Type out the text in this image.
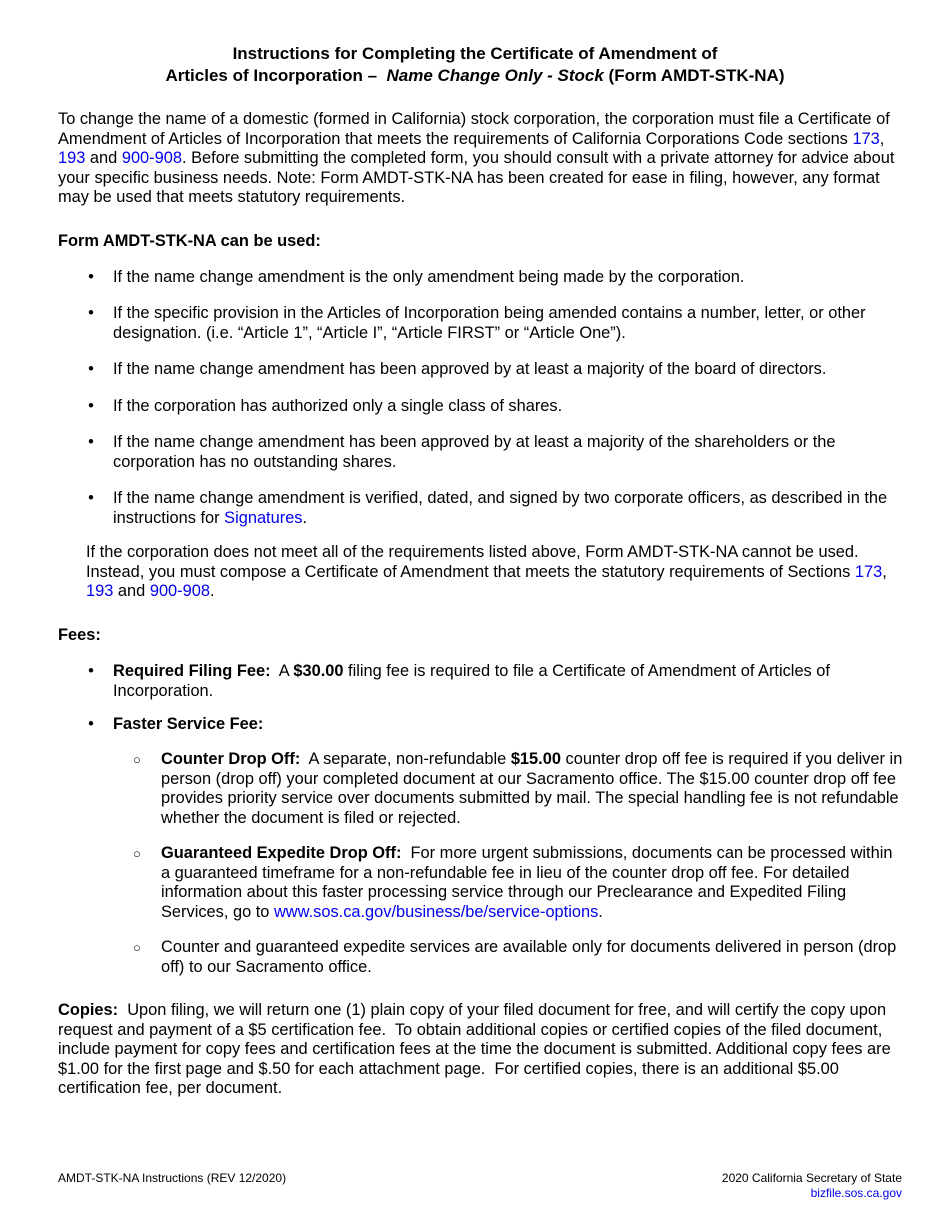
Instructions for Completing the Certificate of Amendment of
Articles of Incorporation – Name Change Only - Stock (Form AMDT-STK-NA)
To change the name of a domestic (formed in California) stock corporation, the corporation must file a Certificate of Amendment of Articles of Incorporation that meets the requirements of California Corporations Code sections 173, 193 and 900-908. Before submitting the completed form, you should consult with a private attorney for advice about your specific business needs. Note: Form AMDT-STK-NA has been created for ease in filing, however, any format may be used that meets statutory requirements.
Form AMDT-STK-NA can be used:
• If the name change amendment is the only amendment being made by the corporation.
• If the specific provision in the Articles of Incorporation being amended contains a number, letter, or other designation. (i.e. “Article 1”, “Article I”, “Article FIRST” or “Article One”).
• If the name change amendment has been approved by at least a majority of the board of directors.
• If the corporation has authorized only a single class of shares.
• If the name change amendment has been approved by at least a majority of the shareholders or the corporation has no outstanding shares.
• If the name change amendment is verified, dated, and signed by two corporate officers, as described in the instructions for Signatures.
If the corporation does not meet all of the requirements listed above, Form AMDT-STK-NA cannot be used. Instead, you must compose a Certificate of Amendment that meets the statutory requirements of Sections 173, 193 and 900-908.
Fees:
• Required Filing Fee:  A $30.00 filing fee is required to file a Certificate of Amendment of Articles of Incorporation.
• Faster Service Fee:
○ Counter Drop Off:  A separate, non-refundable $15.00 counter drop off fee is required if you deliver in person (drop off) your completed document at our Sacramento office. The $15.00 counter drop off fee provides priority service over documents submitted by mail. The special handling fee is not refundable whether the document is filed or rejected.
○ Guaranteed Expedite Drop Off:  For more urgent submissions, documents can be processed within a guaranteed timeframe for a non-refundable fee in lieu of the counter drop off fee. For detailed information about this faster processing service through our Preclearance and Expedited Filing Services, go to www.sos.ca.gov/business/be/service-options.
○ Counter and guaranteed expedite services are available only for documents delivered in person (drop off) to our Sacramento office.
Copies:  Upon filing, we will return one (1) plain copy of your filed document for free, and will certify the copy upon request and payment of a $5 certification fee.  To obtain additional copies or certified copies of the filed document, include payment for copy fees and certification fees at the time the document is submitted. Additional copy fees are $1.00 for the first page and $.50 for each attachment page.  For certified copies, there is an additional $5.00 certification fee, per document.
AMDT-STK-NA Instructions (REV 12/2020)	2020 California Secretary of State
bizfile.sos.ca.gov
